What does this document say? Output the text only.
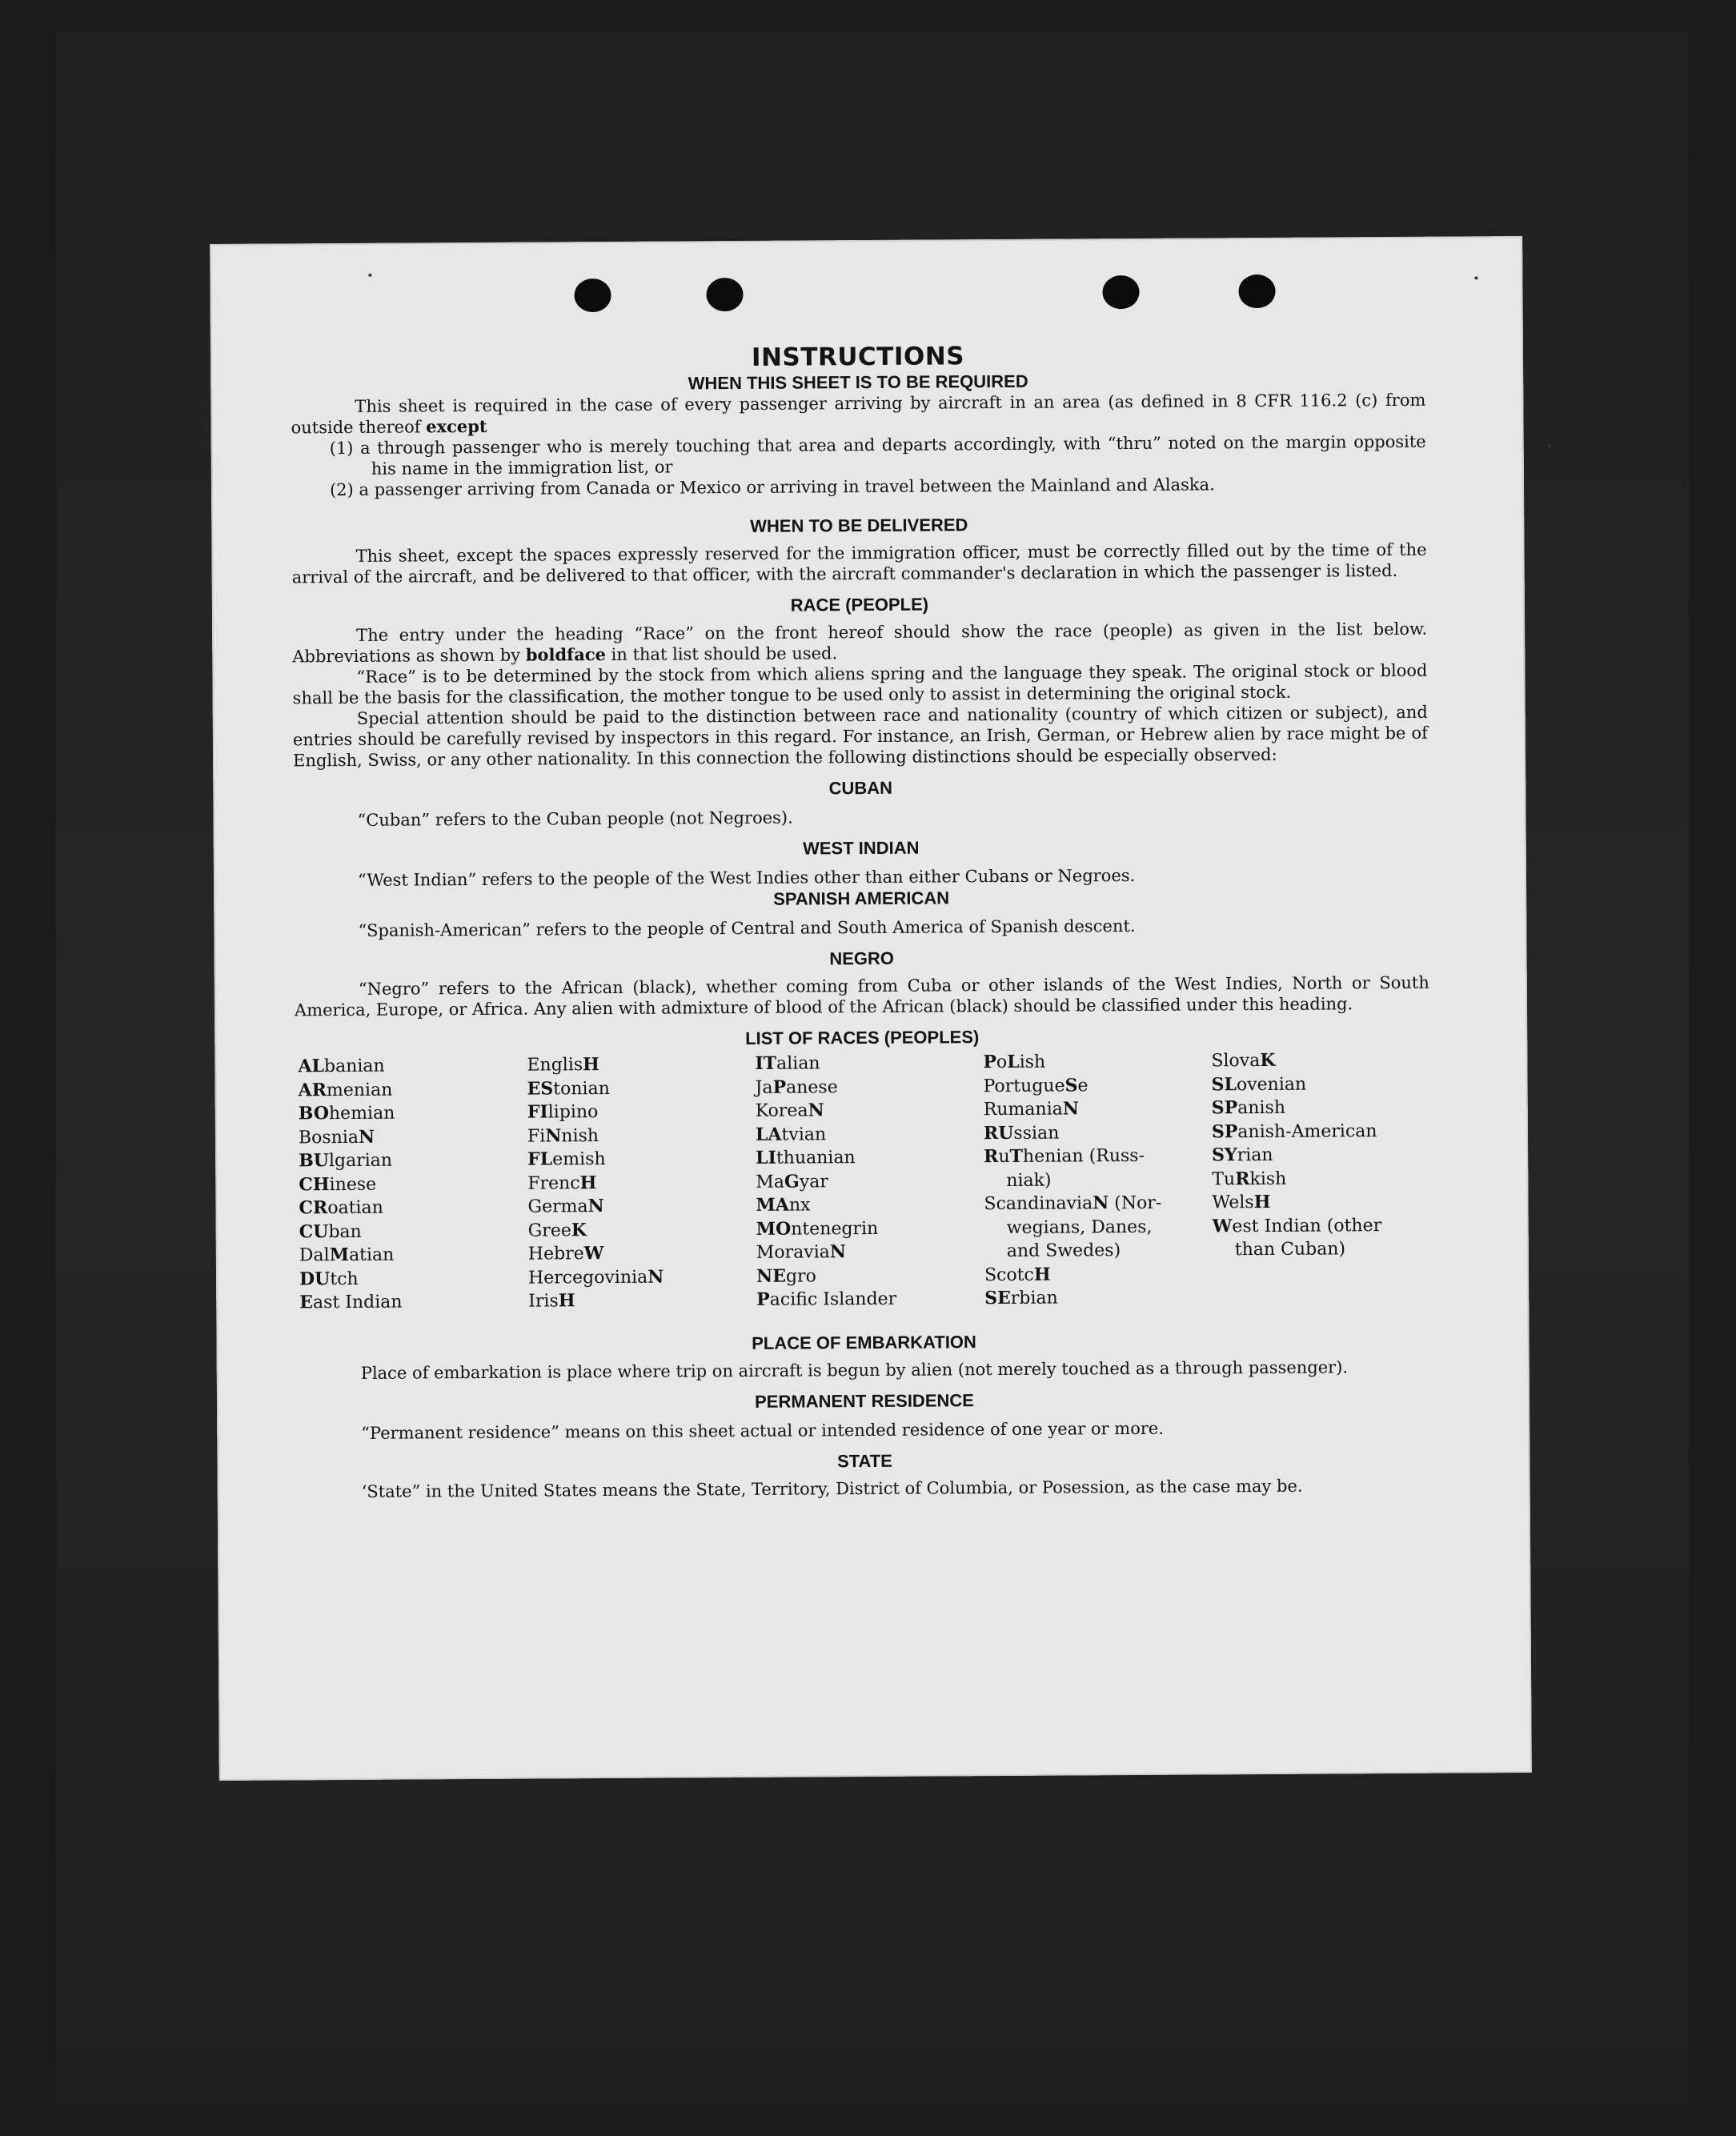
INSTRUCTIONS
WHEN THIS SHEET IS TO BE REQUIRED

This sheet is required in the case of every passenger arriving by aircraft in an area (as defined in 8 CFR 116.2 (c) from outside thereof except

(1) a through passenger who is merely touching that area and departs accordingly, with “thru” noted on the margin opposite his name in the immigration list, or

(2) a passenger arriving from Canada or Mexico or arriving in travel between the Mainland and Alaska.

WHEN TO BE DELIVERED

This sheet, except the spaces expressly reserved for the immigration officer, must be correctly filled out by the time of the arrival of the aircraft, and be delivered to that officer, with the aircraft commander's declaration in which the passenger is listed.

RACE (PEOPLE)

The entry under the heading “Race” on the front hereof should show the race (people) as given in the list below. Abbreviations as shown by boldface in that list should be used.

“Race” is to be determined by the stock from which aliens spring and the language they speak. The original stock or blood shall be the basis for the classification, the mother tongue to be used only to assist in determining the original stock.

Special attention should be paid to the distinction between race and nationality (country of which citizen or subject), and entries should be carefully revised by inspectors in this regard. For instance, an Irish, German, or Hebrew alien by race might be of English, Swiss, or any other nationality. In this connection the following distinctions should be especially observed:

CUBAN

“Cuban” refers to the Cuban people (not Negroes).

WEST INDIAN

“West Indian” refers to the people of the West Indies other than either Cubans or Negroes.

SPANISH AMERICAN

“Spanish-American” refers to the people of Central and South America of Spanish descent.

NEGRO

“Negro” refers to the African (black), whether coming from Cuba or other islands of the West Indies, North or South America, Europe, or Africa. Any alien with admixture of blood of the African (black) should be classified under this heading.

LIST OF RACES (PEOPLES)
ALbanian
ARmenian
BOhemian
BosniaN
BUlgarian
CHinese
CRoatian
CUban
DalMatian
DUtch
East Indian
EnglisH
EStonian
FIlipino
FiNnish
FLemish
FrencH
GermaN
GreeK
HebreW
HercegoviniaN
IrisH
ITalian
JaPanese
KoreaN
LAtvian
LIthuanian
MaGyar
MAnx
MOntenegrin
MoraviaN
NEgro
Pacific Islander
PoLish
PortugueSe
RumaniaN
RUssian
RuThenian (Russ-
niak)
ScandinaviaN (Nor-
wegians, Danes,
and Swedes)
ScotcH
SErbian
SlovaK
SLovenian
SPanish
SPanish-American
SYrian
TuRkish
WelsH
West Indian (other
than Cuban)
PLACE OF EMBARKATION

Place of embarkation is place where trip on aircraft is begun by alien (not merely touched as a through passenger).

PERMANENT RESIDENCE

“Permanent residence” means on this sheet actual or intended residence of one year or more.

STATE

‘State” in the United States means the State, Territory, District of Columbia, or Posession, as the case may be.
